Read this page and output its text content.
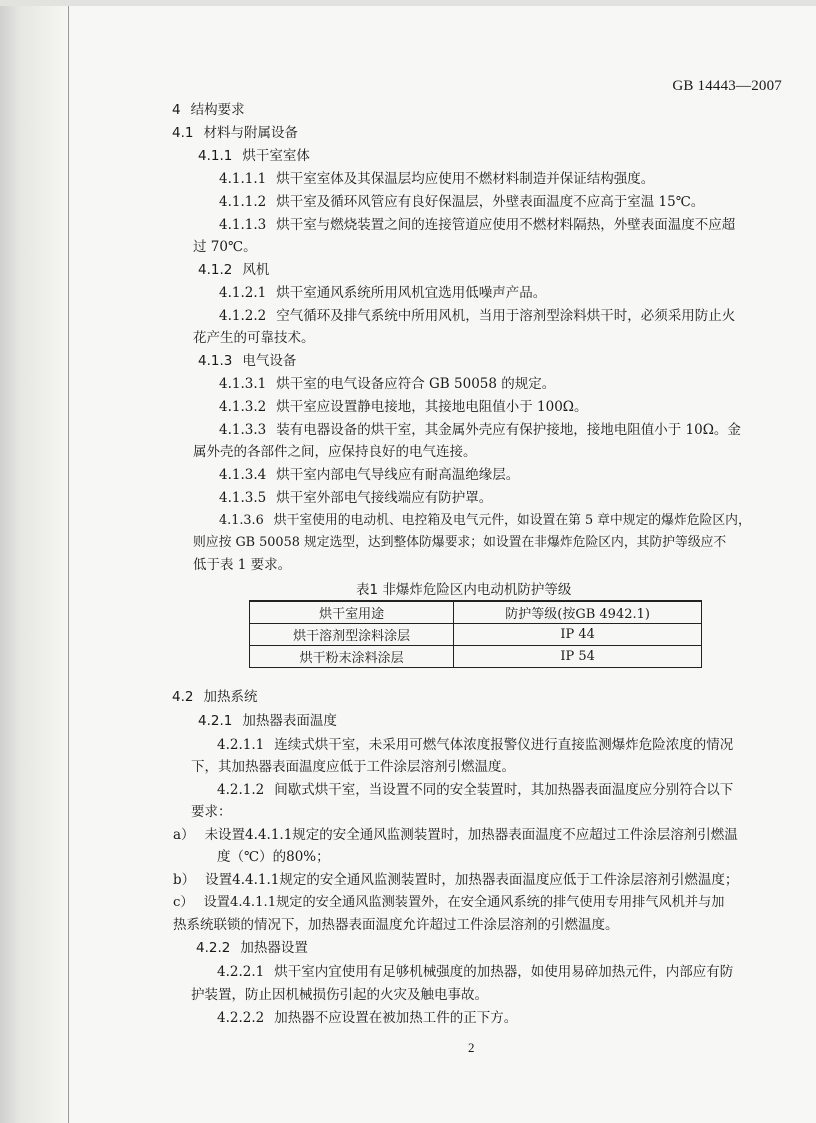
GB 14443—2007
4 结构要求
4.1 材料与附属设备
4.1.1 烘干室室体
4.1.1.1 烘干室室体及其保温层均应使用不燃材料制造并保证结构强度。
4.1.1.2 烘干室及循环风管应有良好保温层，外壁表面温度不应高于室温 15℃。
4.1.1.3 烘干室与燃烧装置之间的连接管道应使用不燃材料隔热，外壁表面温度不应超
过 70℃。
4.1.2 风机
4.1.2.1 烘干室通风系统所用风机宜选用低噪声产品。
4.1.2.2 空气循环及排气系统中所用风机，当用于溶剂型涂料烘干时，必须采用防止火
花产生的可靠技术。
4.1.3 电气设备
4.1.3.1 烘干室的电气设备应符合 GB 50058 的规定。
4.1.3.2 烘干室应设置静电接地，其接地电阻值小于 100Ω。
4.1.3.3 装有电器设备的烘干室，其金属外壳应有保护接地，接地电阻值小于 10Ω。金
属外壳的各部件之间，应保持良好的电气连接。
4.1.3.4 烘干室内部电气导线应有耐高温绝缘层。
4.1.3.5 烘干室外部电气接线端应有防护罩。
4.1.3.6 烘干室使用的电动机、电控箱及电气元件，如设置在第 5 章中规定的爆炸危险区内，
则应按 GB 50058 规定选型，达到整体防爆要求；如设置在非爆炸危险区内，其防护等级应不
低于表 1 要求。
表1 非爆炸危险区内电动机防护等级
烘干室用途	防护等级(按GB 4942.1)
烘干溶剂型涂料涂层	IP 44
烘干粉末涂料涂层	IP 54
4.2 加热系统
4.2.1 加热器表面温度
4.2.1.1 连续式烘干室，未采用可燃气体浓度报警仪进行直接监测爆炸危险浓度的情况
下，其加热器表面温度应低于工件涂层溶剂引燃温度。
4.2.1.2 间歇式烘干室，当设置不同的安全装置时，其加热器表面温度应分别符合以下
要求：
a） 未设置4.4.1.1规定的安全通风监测装置时，加热器表面温度不应超过工件涂层溶剂引燃温
度（℃）的80%；
b） 设置4.4.1.1规定的安全通风监测装置时，加热器表面温度应低于工件涂层溶剂引燃温度；
c） 设置4.4.1.1规定的安全通风监测装置外，在安全通风系统的排气使用专用排气风机并与加
热系统联锁的情况下，加热器表面温度允许超过工件涂层溶剂的引燃温度。
4.2.2 加热器设置
4.2.2.1 烘干室内宜使用有足够机械强度的加热器，如使用易碎加热元件，内部应有防
护装置，防止因机械损伤引起的火灾及触电事故。
4.2.2.2 加热器不应设置在被加热工件的正下方。
2
